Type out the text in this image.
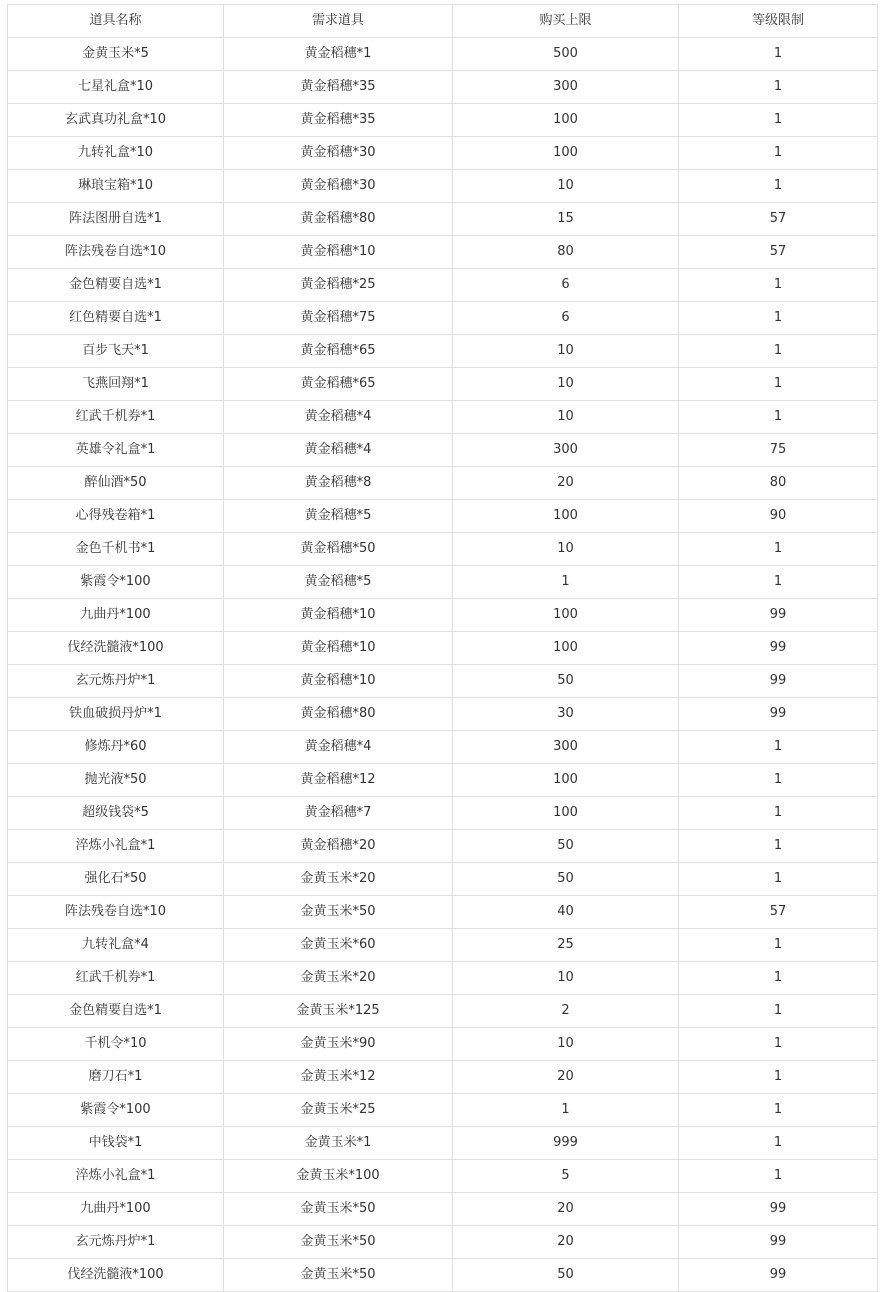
道具名称	需求道具	购买上限	等级限制
金黄玉米*5	黄金稻穗*1	500	1
七星礼盒*10	黄金稻穗*35	300	1
玄武真功礼盒*10	黄金稻穗*35	100	1
九转礼盒*10	黄金稻穗*30	100	1
琳琅宝箱*10	黄金稻穗*30	10	1
阵法图册自选*1	黄金稻穗*80	15	57
阵法残卷自选*10	黄金稻穗*10	80	57
金色精要自选*1	黄金稻穗*25	6	1
红色精要自选*1	黄金稻穗*75	6	1
百步飞天*1	黄金稻穗*65	10	1
飞燕回翔*1	黄金稻穗*65	10	1
红武千机券*1	黄金稻穗*4	10	1
英雄令礼盒*1	黄金稻穗*4	300	75
醉仙酒*50	黄金稻穗*8	20	80
心得残卷箱*1	黄金稻穗*5	100	90
金色千机书*1	黄金稻穗*50	10	1
紫霞令*100	黄金稻穗*5	1	1
九曲丹*100	黄金稻穗*10	100	99
伐经洗髓液*100	黄金稻穗*10	100	99
玄元炼丹炉*1	黄金稻穗*10	50	99
铁血破损丹炉*1	黄金稻穗*80	30	99
修炼丹*60	黄金稻穗*4	300	1
抛光液*50	黄金稻穗*12	100	1
超级钱袋*5	黄金稻穗*7	100	1
淬炼小礼盒*1	黄金稻穗*20	50	1
强化石*50	金黄玉米*20	50	1
阵法残卷自选*10	金黄玉米*50	40	57
九转礼盒*4	金黄玉米*60	25	1
红武千机券*1	金黄玉米*20	10	1
金色精要自选*1	金黄玉米*125	2	1
千机令*10	金黄玉米*90	10	1
磨刀石*1	金黄玉米*12	20	1
紫霞令*100	金黄玉米*25	1	1
中钱袋*1	金黄玉米*1	999	1
淬炼小礼盒*1	金黄玉米*100	5	1
九曲丹*100	金黄玉米*50	20	99
玄元炼丹炉*1	金黄玉米*50	20	99
伐经洗髓液*100	金黄玉米*50	50	99
